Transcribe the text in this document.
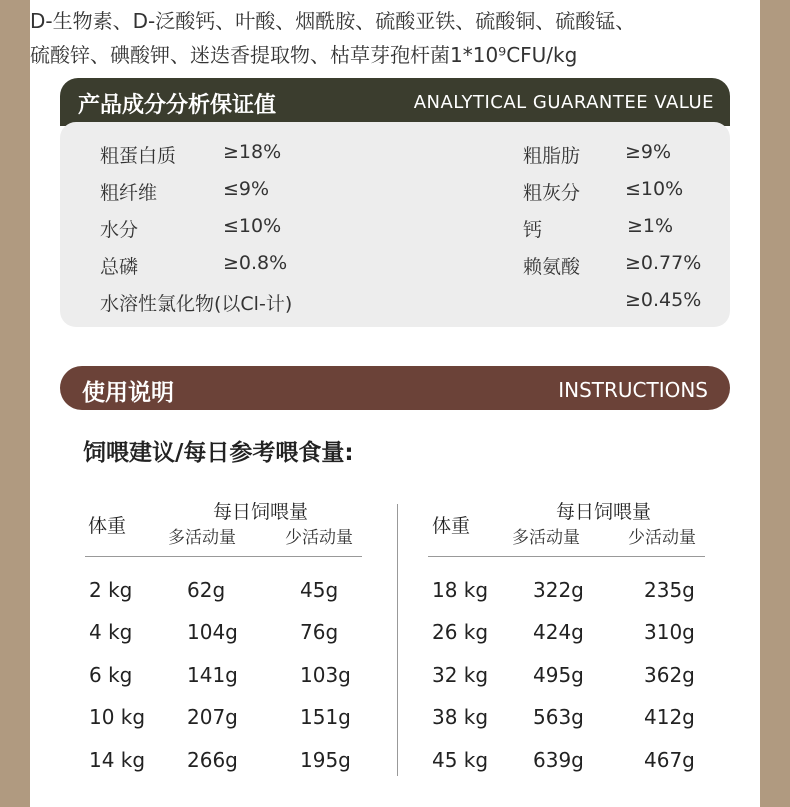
D-生物素、D-泛酸钙、叶酸、烟酰胺、硫酸亚铁、硫酸铜、硫酸锰、
硫酸锌、碘酸钾、迷迭香提取物、枯草芽孢杆菌1*10⁹CFU/kg
产品成分分析保证值	ANALYTICAL GUARANTEE VALUE
粗蛋白质 ≥18%	粗脂肪 ≥9%
粗纤维	≤9%	粗灰分 ≤10%
水分	≤10%	钙	≥1%
总磷	≥0.8%	赖氨酸 ≥0.77%
水溶性氯化物(以Cl-计)	≥0.45%
使用说明	INSTRUCTIONS
饲喂建议/每日参考喂食量:
体重
每日饲喂量
多活动量	少活动量
体重
每日饲喂量
多活动量	少活动量
2 kg	62g	45g
4 kg	104g	76g
6 kg	141g	103g
10 kg 207g	151g
14 kg 266g	195g
18 kg 322g	235g
26 kg 424g	310g
32 kg 495g	362g
38 kg 563g	412g
45 kg 639g	467g
